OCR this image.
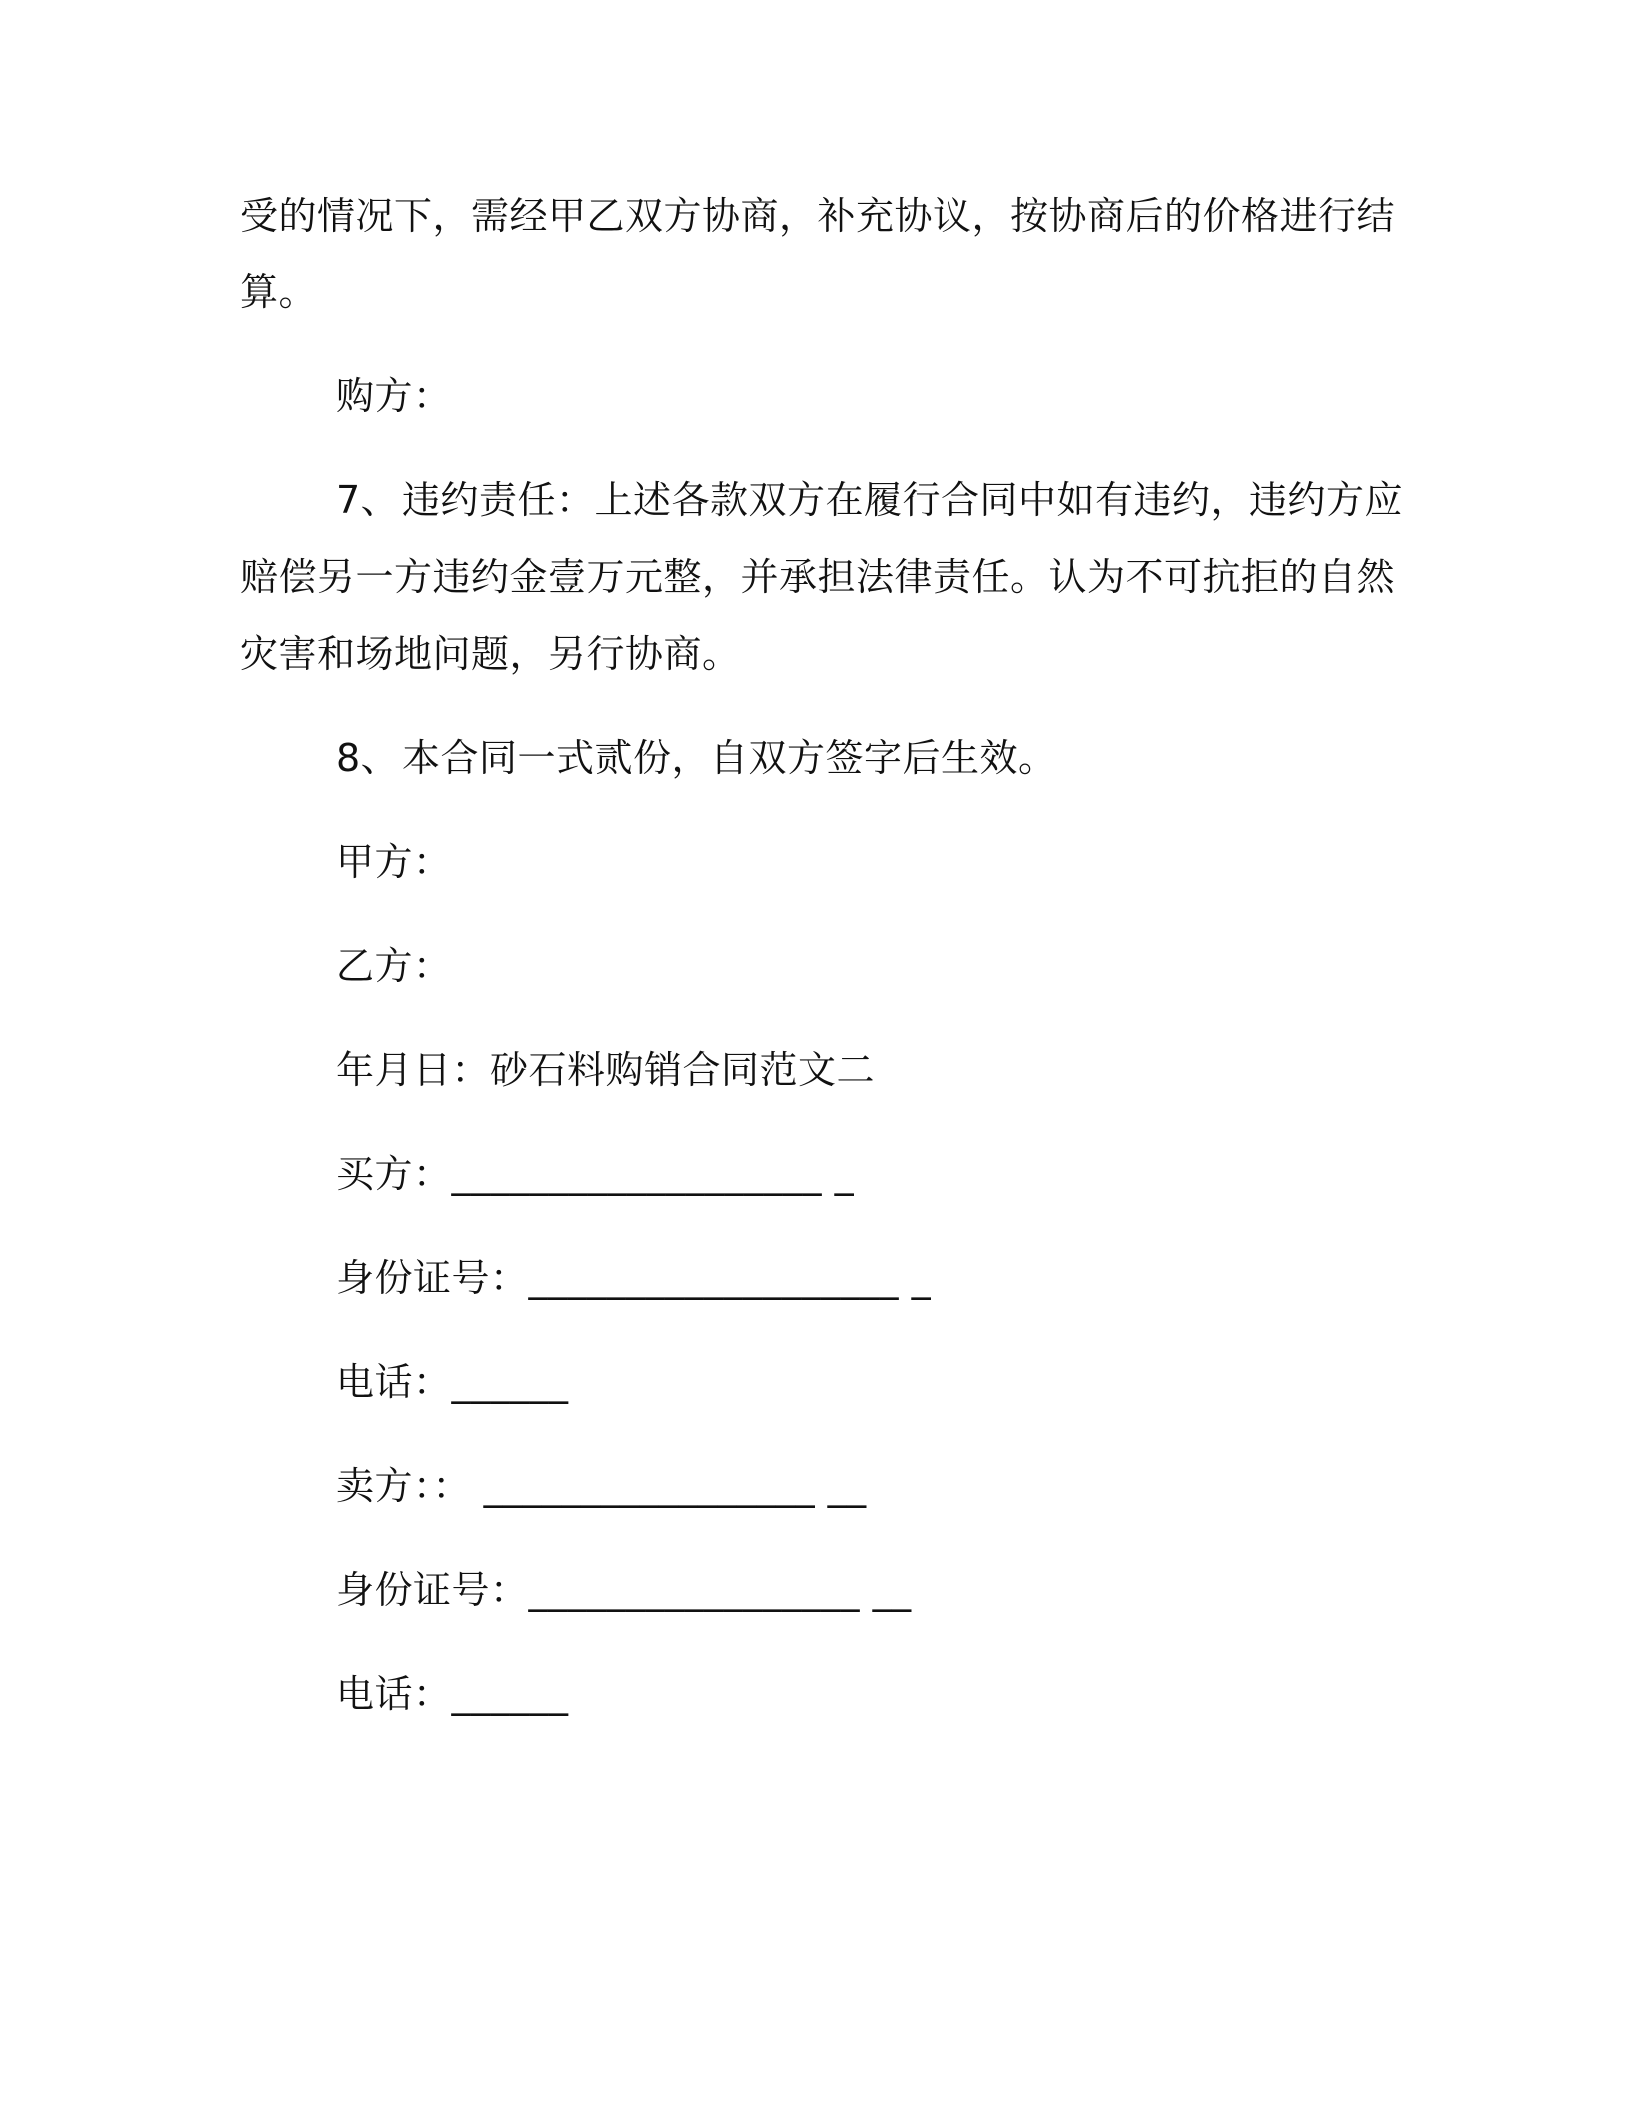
受的情况下，需经甲乙双方协商，补充协议，按协商后的价格进行结
算。
购方：
7、违约责任：上述各款双方在履行合同中如有违约，违约方应
赔偿另一方违约金壹万元整，并承担法律责任。认为不可抗拒的自然
灾害和场地问题，另行协商。
8、本合同一式贰份，自双方签字后生效。
甲方：
乙方：
年月日：砂石料购销合同范文二
买方：___________________ _
身份证号：___________________ _
电话：______
卖方：： _________________ __
身份证号：_________________ __
电话：______
